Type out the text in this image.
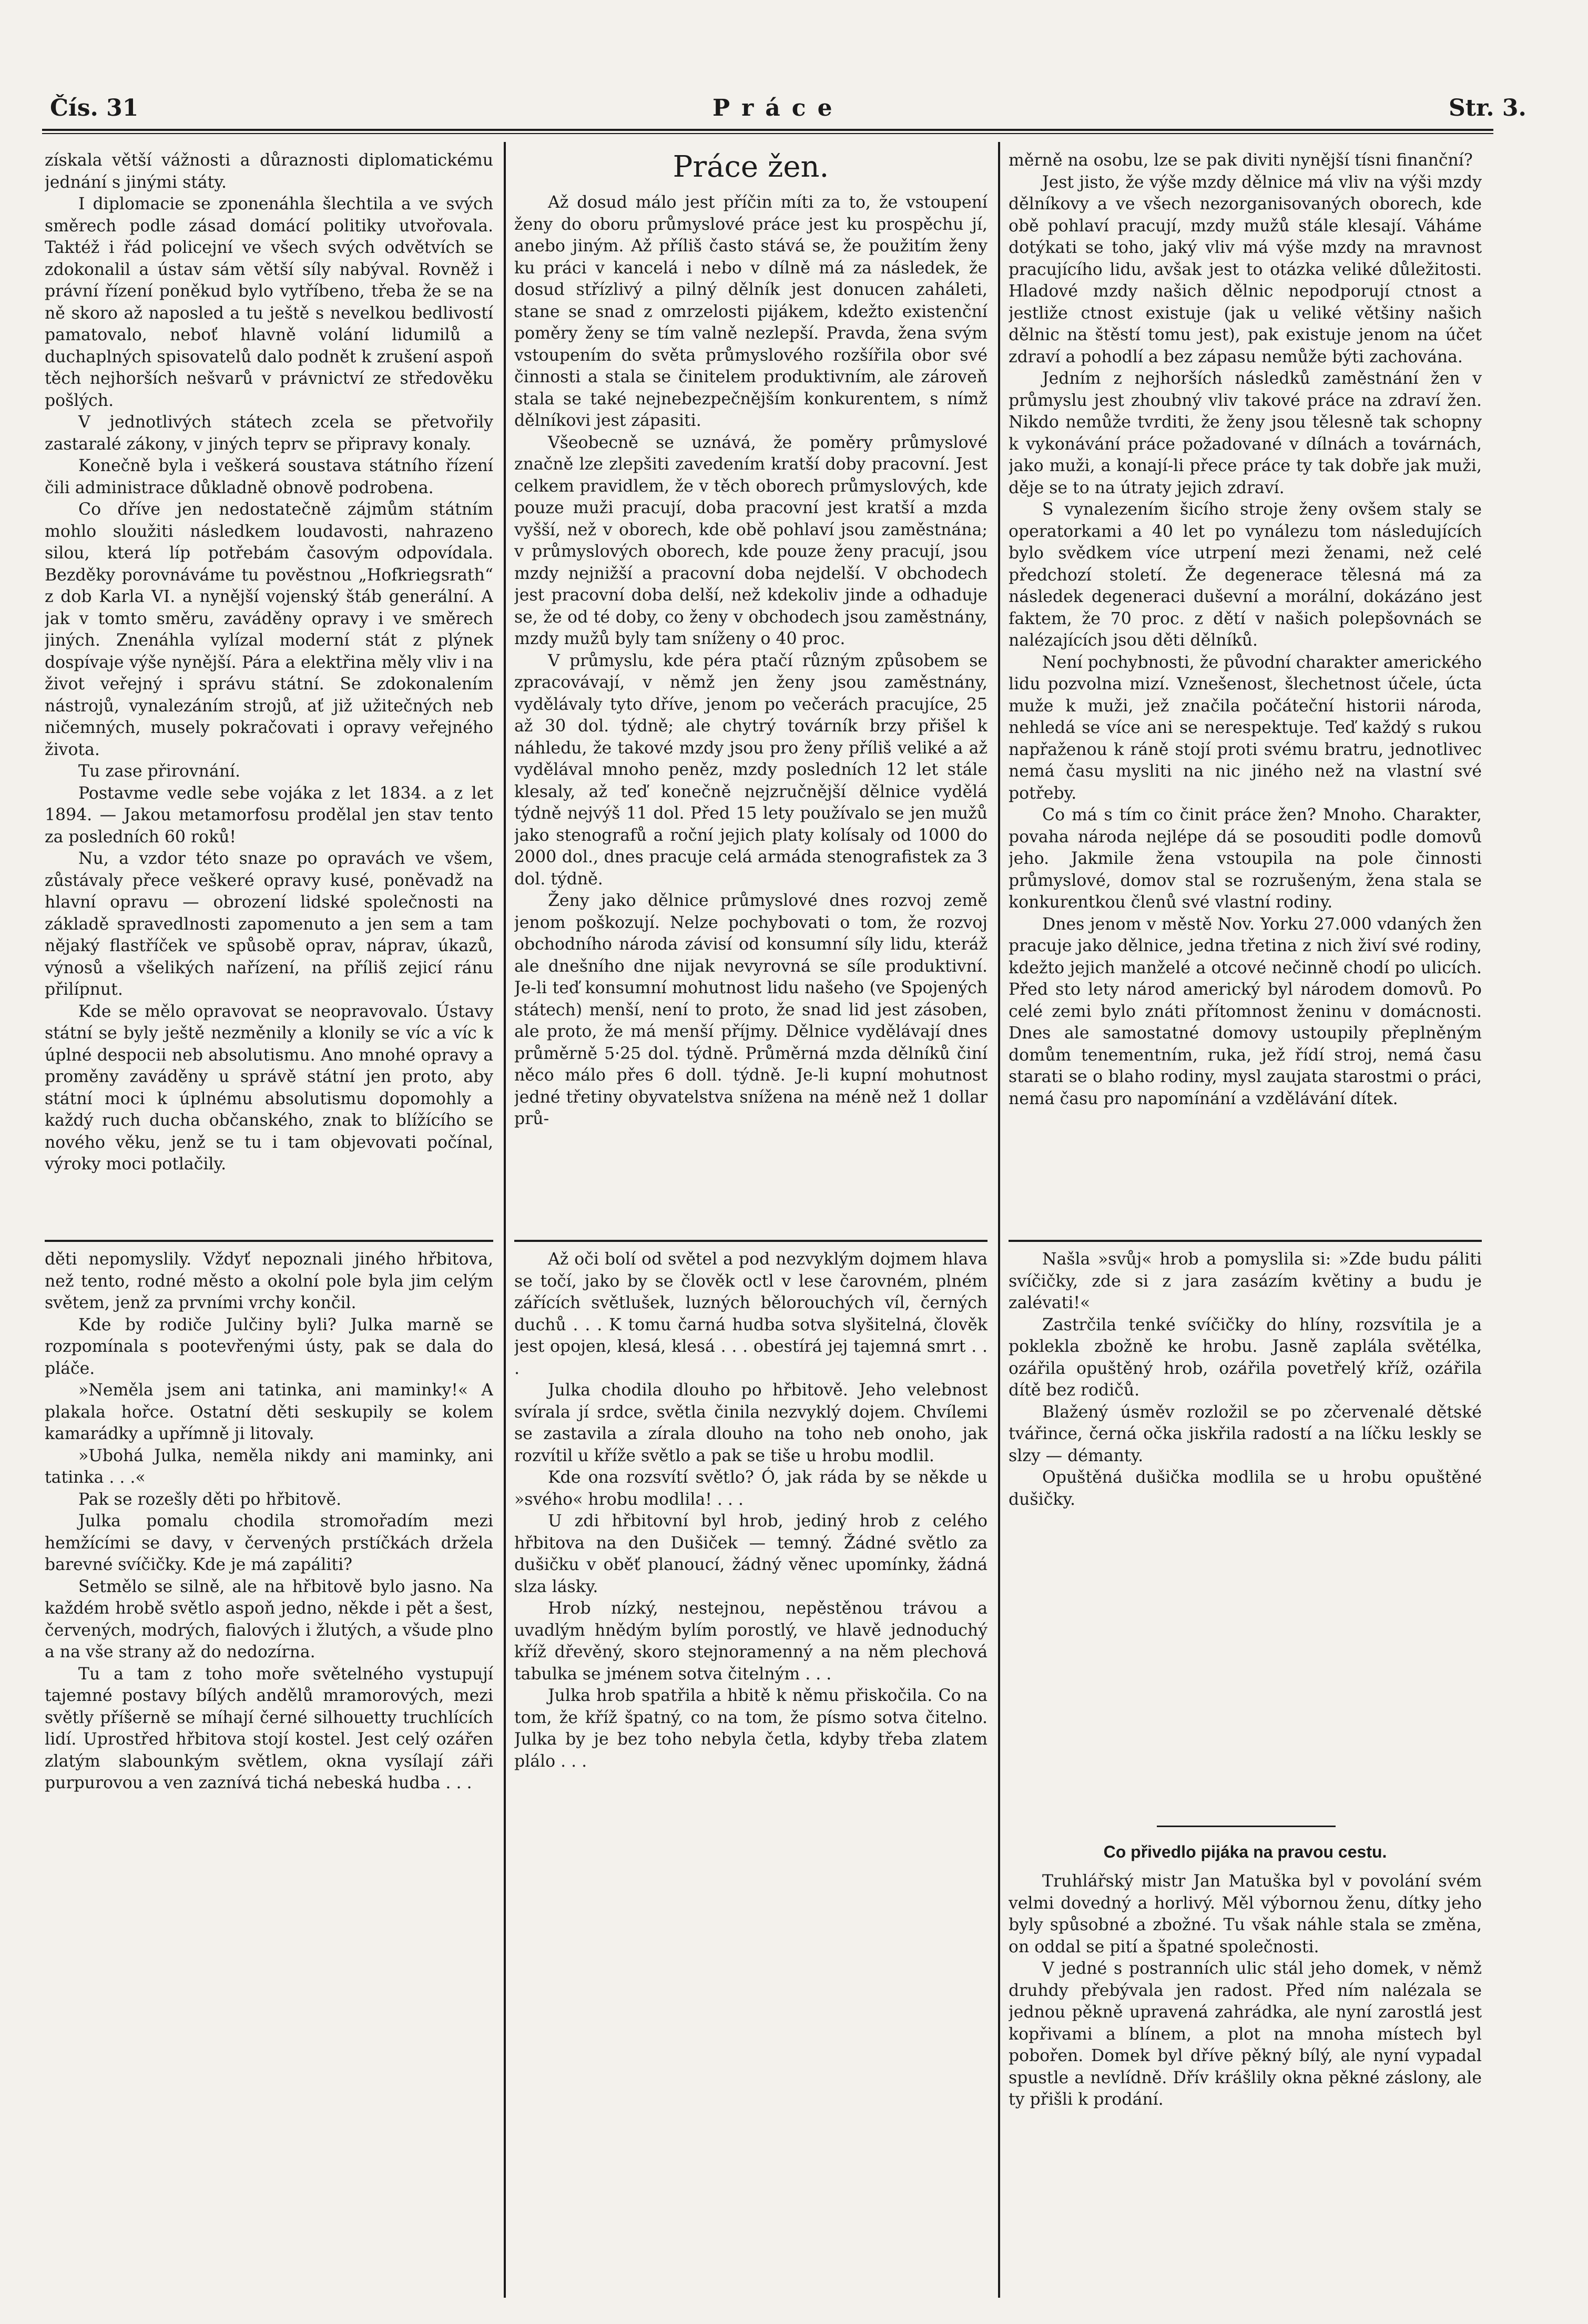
Čís. 31	Práce	Str. 3.

získala větší vážnosti a důraznosti diplomatickému jednání s jinými státy.

I diplomacie se zponenáhla šlechtila a ve svých směrech podle zásad domácí politiky utvořovala. Taktéž i řád policejní ve všech svých odvětvích se zdokonalil a ústav sám větší síly nabýval. Rovněž i právní řízení poněkud bylo vytříbeno, třeba že se na ně skoro až naposled a tu ještě s nevelkou bedlivostí pamatovalo, neboť hlavně volání lidumilů a duchaplných spisovatelů dalo podnět k zrušení aspoň těch nejhorších nešvarů v právnictví ze středověku pošlých.

V jednotlivých státech zcela se přetvořily zastaralé zákony, v jiných teprv se připravy konaly.

Konečně byla i veškerá soustava státního řízení čili administrace důkladně obnově podrobena.

Co dříve jen nedostatečně zájmům státním mohlo sloužiti následkem loudavosti, nahrazeno silou, která líp potřebám časovým odpovídala. Bezděky porovnáváme tu pověstnou „Hofkriegsrath“ z dob Karla VI. a nynější vojenský štáb generální. A jak v tomto směru, zaváděny opravy i ve směrech jiných. Znenáhla vylízal moderní stát z plýnek dospívaje výše nynější. Pára a elektřina měly vliv i na život veřejný i správu státní. Se zdokonalením nástrojů, vynalezáním strojů, ať již užitečných neb ničemných, musely pokračovati i opravy veřejného života.

Tu zase přirovnání.

Postavme vedle sebe vojáka z let 1834. a z let 1894. — Jakou metamorfosu prodělal jen stav tento za posledních 60 roků!

Nu, a vzdor této snaze po opravách ve všem, zůstávaly přece veškeré opravy kusé, poněvadž na hlavní opravu — obrození lidské společnosti na základě spravedlnosti zapomenuto a jen sem a tam nějaký flastříček ve spůsobě oprav, náprav, úkazů, výnosů a všelikých nařízení, na příliš zejicí ránu přilípnut.

Kde se mělo opravovat se neopravovalo. Ústavy státní se byly ještě nezměnily a klonily se víc a víc k úplné despocii neb absolutismu. Ano mnohé opravy a proměny zaváděny u správě státní jen proto, aby státní moci k úplnému absolutismu dopomohly a každý ruch ducha občanského, znak to blížícího se nového věku, jenž se tu i tam objevovati počínal, výroky moci potlačily.

Práce žen.

Až dosud málo jest příčin míti za to, že vstoupení ženy do oboru průmyslové práce jest ku prospěchu jí, anebo jiným. Až příliš často stává se, že použitím ženy ku práci v kancelá i nebo v dílně má za následek, že dosud střízlivý a pilný dělník jest donucen zaháleti, stane se snad z omrzelosti pijákem, kdežto existenční poměry ženy se tím valně nezlepší. Pravda, žena svým vstoupením do světa průmyslového rozšířila obor své činnosti a stala se činitelem produktivním, ale zároveň stala se také nejnebezpečnějším konkurentem, s nímž dělníkovi jest zápasiti.

Všeobecně se uznává, že poměry průmyslové značně lze zlepšiti zavedením kratší doby pracovní. Jest celkem pravidlem, že v těch oborech průmyslových, kde pouze muži pracují, doba pracovní jest kratší a mzda vyšší, než v oborech, kde obě pohlaví jsou zaměstnána; v průmyslových oborech, kde pouze ženy pracují, jsou mzdy nejnižší a pracovní doba nejdelší. V obchodech jest pracovní doba delší, než kdekoliv jinde a odhaduje se, že od té doby, co ženy v obchodech jsou zaměstnány, mzdy mužů byly tam sníženy o 40 proc.

V průmyslu, kde péra ptačí různým způsobem se zpracovávají, v němž jen ženy jsou zaměstnány, vydělávaly tyto dříve, jenom po večerách pracujíce, 25 až 30 dol. týdně; ale chytrý továrník brzy přišel k náhledu, že takové mzdy jsou pro ženy příliš veliké a až vydělával mnoho peněz, mzdy posledních 12 let stále klesaly, až teď konečně nejzručnější dělnice vydělá týdně nejvýš 11 dol. Před 15 lety používalo se jen mužů jako stenografů a roční jejich platy kolísaly od 1000 do 2000 dol., dnes pracuje celá armáda stenografistek za 3 dol. týdně.

Ženy jako dělnice průmyslové dnes rozvoj země jenom poškozují. Nelze pochybovati o tom, že rozvoj obchodního národa závisí od konsumní síly lidu, kteráž ale dnešního dne nijak nevyrovná se síle produktivní. Je-li teď konsumní mohutnost lidu našeho (ve Spojených státech) menší, není to proto, že snad lid jest zásoben, ale proto, že má menší příjmy. Dělnice vydělávají dnes průměrně 5·25 dol. týdně. Průměrná mzda dělníků činí něco málo přes 6 doll. týdně. Je-li kupní mohutnost jedné třetiny obyvatelstva snížena na méně než 1 dollar prů-

měrně na osobu, lze se pak diviti nynější tísni finanční?

Jest jisto, že výše mzdy dělnice má vliv na výši mzdy dělníkovy a ve všech nezorganisovaných oborech, kde obě pohlaví pracují, mzdy mužů stále klesají. Váháme dotýkati se toho, jaký vliv má výše mzdy na mravnost pracujícího lidu, avšak jest to otázka veliké důležitosti. Hladové mzdy našich dělnic nepodporují ctnost a jestliže ctnost existuje (jak u veliké většiny našich dělnic na štěstí tomu jest), pak existuje jenom na účet zdraví a pohodlí a bez zápasu nemůže býti zachována.

Jedním z nejhorších následků zaměstnání žen v průmyslu jest zhoubný vliv takové práce na zdraví žen. Nikdo nemůže tvrditi, že ženy jsou tělesně tak schopny k vykonávání práce požadované v dílnách a továrnách, jako muži, a konají-li přece práce ty tak dobře jak muži, děje se to na útraty jejich zdraví.

S vynalezením šicího stroje ženy ovšem staly se operatorkami a 40 let po vynálezu tom následujících bylo svědkem více utrpení mezi ženami, než celé předchozí století. Že degenerace tělesná má za následek degeneraci duševní a morální, dokázáno jest faktem, že 70 proc. z dětí v našich polepšovnách se nalézajících jsou děti dělníků.

Není pochybnosti, že původní charakter amerického lidu pozvolna mizí. Vznešenost, šlechetnost účele, úcta muže k muži, jež značila počáteční historii národa, nehledá se více ani se nerespektuje. Teď každý s rukou napřaženou k ráně stojí proti svému bratru, jednotlivec nemá času mysliti na nic jiného než na vlastní své potřeby.

Co má s tím co činit práce žen? Mnoho. Charakter, povaha národa nejlépe dá se posouditi podle domovů jeho. Jakmile žena vstoupila na pole činnosti průmyslové, domov stal se rozrušeným, žena stala se konkurentkou členů své vlastní rodiny.

Dnes jenom v městě Nov. Yorku 27.000 vdaných žen pracuje jako dělnice, jedna třetina z nich živí své rodiny, kdežto jejich manželé a otcové nečinně chodí po ulicích. Před sto lety národ americký byl národem domovů. Po celé zemi bylo znáti přítomnost ženinu v domácnosti. Dnes ale samostatné domovy ustoupily přeplněným domům tenementním, ruka, jež řídí stroj, nemá času starati se o blaho rodiny, mysl zaujata starostmi o práci, nemá času pro napomínání a vzdělávání dítek.

děti nepomyslily. Vždyť nepoznali jiného hřbitova, než tento, rodné město a okolní pole byla jim celým světem, jenž za prvními vrchy končil.

Kde by rodiče Julčiny byli? Julka marně se rozpomínala s pootevřenými ústy, pak se dala do pláče.

»Neměla jsem ani tatinka, ani maminky!« A plakala hořce. Ostatní děti seskupily se kolem kamarádky a upřímně ji litovaly.

»Ubohá Julka, neměla nikdy ani maminky, ani tatinka . . .«

Pak se rozešly děti po hřbitově.

Julka pomalu chodila stromořadím mezi hemžícími se davy, v červených prstíčkách držela barevné svíčičky. Kde je má zapáliti?

Setmělo se silně, ale na hřbitově bylo jasno. Na každém hrobě světlo aspoň jedno, někde i pět a šest, červených, modrých, fialových i žlutých, a všude plno a na vše strany až do nedozírna.

Tu a tam z toho moře světelného vystupují tajemné postavy bílých andělů mramorových, mezi světly příšerně se míhají černé silhouetty truchlících lidí. Uprostřed hřbitova stojí kostel. Jest celý ozářen zlatým slabounkým světlem, okna vysílají záři purpurovou a ven zaznívá tichá nebeská hudba . . .

Až oči bolí od světel a pod nezvyklým dojmem hlava se točí, jako by se člověk octl v lese čarovném, plném zářících světlušek, luzných bělorouchých víl, černých duchů . . . K tomu čarná hudba sotva slyšitelná, člověk jest opojen, klesá, klesá . . . obestírá jej tajemná smrt . . .

Julka chodila dlouho po hřbitově. Jeho velebnost svírala jí srdce, světla činila nezvyklý dojem. Chvílemi se zastavila a zírala dlouho na toho neb onoho, jak rozvítil u kříže světlo a pak se tiše u hrobu modlil.

Kde ona rozsvítí světlo? Ó, jak ráda by se někde u »svého« hrobu modlila! . . .

U zdi hřbitovní byl hrob, jediný hrob z celého hřbitova na den Dušiček — temný. Žádné světlo za dušičku v oběť planoucí, žádný věnec upomínky, žádná slza lásky.

Hrob nízký, nestejnou, nepěstěnou trávou a uvadlým hnědým bylím porostlý, ve hlavě jednoduchý kříž dřevěný, skoro stejnoramenný a na něm plechová tabulka se jménem sotva čitelným . . .

Julka hrob spatřila a hbitě k němu přiskočila. Co na tom, že kříž špatný, co na tom, že písmo sotva čitelno. Julka by je bez toho nebyla četla, kdyby třeba zlatem plálo . . .

Našla »svůj« hrob a pomyslila si: »Zde budu páliti svíčičky, zde si z jara zasázím květiny a budu je zalévati!«

Zastrčila tenké svíčičky do hlíny, rozsvítila je a poklekla zbožně ke hrobu. Jasně zaplála světélka, ozářila opuštěný hrob, ozářila povetřelý kříž, ozářila dítě bez rodičů.

Blažený úsměv rozložil se po zčervenalé dětské tvářince, černá očka jiskřila radostí a na líčku leskly se slzy — démanty.

Opuštěná dušička modlila se u hrobu opuštěné dušičky.

Co přivedlo pijáka na pravou cestu.

Truhlářský mistr Jan Matuška byl v povolání svém velmi dovedný a horlivý. Měl výbornou ženu, dítky jeho byly spůsobné a zbožné. Tu však náhle stala se změna, on oddal se pití a špatné společnosti.

V jedné s postranních ulic stál jeho domek, v němž druhdy přebývala jen radost. Před ním nalézala se jednou pěkně upravená zahrádka, ale nyní zarostlá jest kopřivami a blínem, a plot na mnoha místech byl pobořen. Domek byl dříve pěkný bílý, ale nyní vypadal spustle a nevlídně. Dřív krášlily okna pěkné záslony, ale ty přišli k prodání.
